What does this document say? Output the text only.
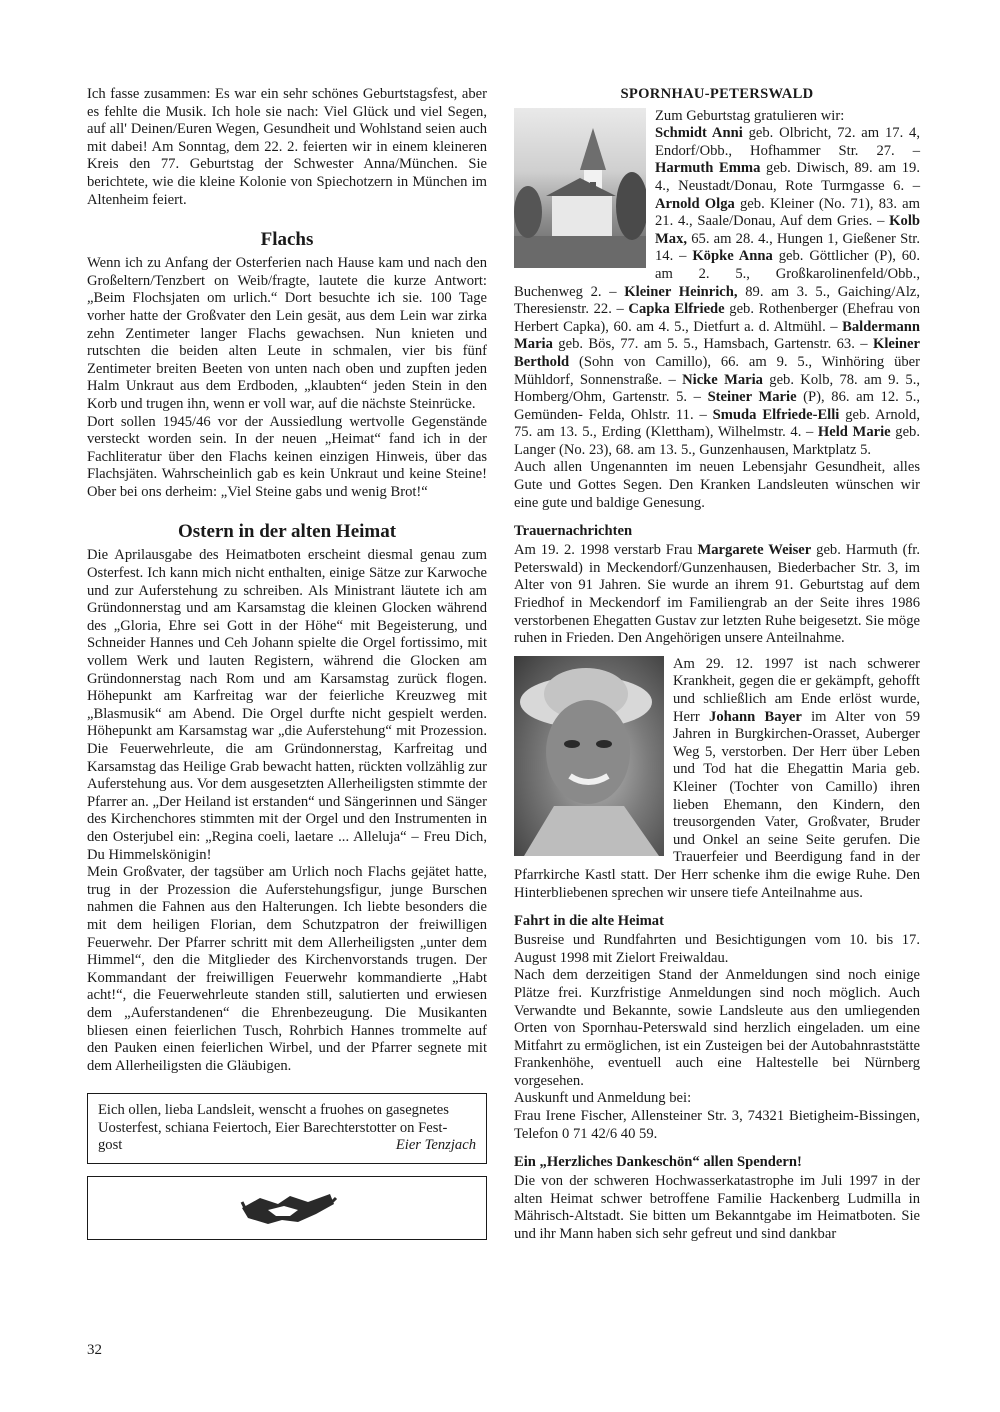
Ich fasse zusammen: Es war ein sehr schönes Geburtstagsfest, aber es fehlte die Musik. Ich hole sie nach: Viel Glück und viel Segen, auf all' Deinen/Euren Wegen, Gesundheit und Wohlstand seien auch mit dabei! Am Sonntag, dem 22. 2. feierten wir in einem kleineren Kreis den 77. Geburtstag der Schwester Anna/München. Sie berichtete, wie die kleine Kolonie von Spiechotzern in München im Altenheim feiert.

Flachs

Wenn ich zu Anfang der Osterferien nach Hause kam und nach den Großeltern/Tenzbert on Weib/fragte, lautete die kurze Antwort: „Beim Flochsjaten om urlich.“ Dort besuchte ich sie. 100 Tage vorher hatte der Großvater den Lein gesät, aus dem Lein war zirka zehn Zentimeter langer Flachs gewachsen. Nun knieten und rutschten die beiden alten Leute in schmalen, vier bis fünf Zentimeter breiten Beeten von unten nach oben und zupften jeden Halm Unkraut aus dem Erdboden, „klaubten“ jeden Stein in den Korb und trugen ihn, wenn er voll war, auf die nächste Steinrücke.

Dort sollen 1945/46 vor der Aussiedlung wertvolle Gegenstände versteckt worden sein. In der neuen „Heimat“ fand ich in der Fachliteratur über den Flachs keinen einzigen Hinweis, über das Flachsjäten. Wahrscheinlich gab es kein Unkraut und keine Steine! Ober bei ons derheim: „Viel Steine gabs und wenig Brot!“

Ostern in der alten Heimat

Die Aprilausgabe des Heimatboten erscheint diesmal genau zum Osterfest. Ich kann mich nicht enthalten, einige Sätze zur Karwoche und zur Auferstehung zu schreiben. Als Ministrant läutete ich am Gründonnerstag und am Karsamstag die kleinen Glocken während des „Gloria, Ehre sei Gott in der Höhe“ mit Begeisterung, und Schneider Hannes und Ceh Johann spielte die Orgel fortissimo, mit vollem Werk und lauten Registern, während die Glocken am Gründonnerstag nach Rom und am Karsamstag zurück flogen. Höhepunkt am Karfreitag war der feierliche Kreuzweg mit „Blasmusik“ am Abend. Die Orgel durfte nicht gespielt werden. Höhepunkt am Karsamstag war „die Auferstehung“ mit Prozession. Die Feuerwehrleute, die am Gründonnerstag, Karfreitag und Karsamstag das Heilige Grab bewacht hatten, rückten vollzählig zur Auferstehung aus. Vor dem ausgesetzten Allerheiligsten stimmte der Pfarrer an. „Der Heiland ist erstanden“ und Sängerinnen und Sänger des Kirchenchores stimmten mit der Orgel und den Instrumenten in den Osterjubel ein: „Regina coeli, laetare ... Alleluja“ – Freu Dich, Du Himmelskönigin!

Mein Großvater, der tagsüber am Urlich noch Flachs gejätet hatte, trug in der Prozession die Auferstehungsfigur, junge Burschen nahmen die Fahnen aus den Halterungen. Ich liebte besonders die mit dem heiligen Florian, dem Schutzpatron der freiwilligen Feuerwehr. Der Pfarrer schritt mit dem Allerheiligsten „unter dem Himmel“, den die Mitglieder des Kirchenvorstands trugen. Der Kommandant der freiwilligen Feuerwehr kommandierte „Habt acht!“, die Feuerwehrleute standen still, salutierten und erwiesen dem „Auferstandenen“ die Ehrenbezeugung. Die Musikanten bliesen einen feierlichen Tusch, Rohrbich Hannes trommelte auf den Pauken einen feierlichen Wirbel, und der Pfarrer segnete mit dem Allerheiligsten die Gläubigen.

Eich ollen, lieba Landsleit, wenscht a fruohes on gasegnetes
Uosterfest, schiana Feiertoch, Eier Barechterstotter on Fest-
gost	Eier Tenzjach
SPORNHAU-PETERSWALD

Zum Geburtstag gratulieren wir:

Schmidt Anni geb. Olbricht, 72. am 17. 4, Endorf/Obb., Hofhammer Str. 27. – Harmuth Emma geb. Diwisch, 89. am 19. 4., Neustadt/Donau, Rote Turmgasse 6. – Arnold Olga geb. Kleiner (No. 71), 83. am 21. 4., Saale/Donau, Auf dem Gries. – Kolb Max, 65. am 28. 4., Hungen 1, Gießener Str. 14. – Köpke Anna geb. Göttlicher (P), 60. am 2. 5., Großkarolinenfeld/Obb., Buchenweg 2. – Kleiner Heinrich, 89. am 3. 5., Gaiching/Alz, Theresienstr. 22. – Capka Elfriede geb. Rothenberger (Ehefrau von Herbert Capka), 60. am 4. 5., Dietfurt a. d. Altmühl. – Baldermann Maria geb. Bös, 77. am 5. 5., Hamsbach, Gartenstr. 63. – Kleiner Berthold (Sohn von Camillo), 66. am 9. 5., Winhöring über Mühldorf, Sonnenstraße. – Nicke Maria geb. Kolb, 78. am 9. 5., Homberg/Ohm, Gartenstr. 5. – Steiner Marie (P), 86. am 12. 5., Gemünden- Felda, Ohlstr. 11. – Smuda Elfriede-Elli geb. Arnold, 75. am 13. 5., Erding (Klettham), Wilhelmstr. 4. – Held Marie geb. Langer (No. 23), 68. am 13. 5., Gunzenhausen, Marktplatz 5.

Auch allen Ungenannten im neuen Lebensjahr Gesundheit, alles Gute und Gottes Segen. Den Kranken Landsleuten wünschen wir eine gute und baldige Genesung.

Trauernachrichten

Am 19. 2. 1998 verstarb Frau Margarete Weiser geb. Harmuth (fr. Peterswald) in Meckendorf/Gunzenhausen, Biederbacher Str. 3, im Alter von 91 Jahren. Sie wurde an ihrem 91. Geburtstag auf dem Friedhof in Meckendorf im Familiengrab an der Seite ihres 1986 verstorbenen Ehegatten Gustav zur letzten Ruhe beigesetzt. Sie möge ruhen in Frieden. Den Angehörigen unsere Anteilnahme.

Am 29. 12. 1997 ist nach schwerer Krankheit, gegen die er gekämpft, gehofft und schließlich am Ende erlöst wurde, Herr Johann Bayer im Alter von 59 Jahren in Burgkirchen-Orasset, Auberger Weg 5, verstorben. Der Herr über Leben und Tod hat die Ehegattin Maria geb. Kleiner (Tochter von Camillo) ihren lieben Ehemann, den Kindern, den treusorgenden Vater, Großvater, Bruder und Onkel an seine Seite gerufen. Die Trauerfeier und Beerdigung fand in der Pfarrkirche Kastl statt. Der Herr schenke ihm die ewige Ruhe. Den Hinterbliebenen sprechen wir unsere tiefe Anteilnahme aus.

Fahrt in die alte Heimat

Busreise und Rundfahrten und Besichtigungen vom 10. bis 17. August 1998 mit Zielort Freiwaldau.

Nach dem derzeitigen Stand der Anmeldungen sind noch einige Plätze frei. Kurzfristige Anmeldungen sind noch möglich. Auch Verwandte und Bekannte, sowie Landsleute aus den umliegenden Orten von Spornhau-Peterswald sind herzlich eingeladen. um eine Mitfahrt zu ermöglichen, ist ein Zusteigen bei der Autobahnraststätte Frankenhöhe, eventuell auch eine Haltestelle bei Nürnberg vorgesehen.

Auskunft und Anmeldung bei:

Frau Irene Fischer, Allensteiner Str. 3, 74321 Bietigheim-Bissingen, Telefon 0 71 42/6 40 59.

Ein „Herzliches Dankeschön“ allen Spendern!

Die von der schweren Hochwasserkatastrophe im Juli 1997 in der alten Heimat schwer betroffene Familie Hackenberg Ludmilla in Mährisch-Altstadt. Sie bitten um Bekanntgabe im Heimatboten. Sie und ihr Mann haben sich sehr gefreut und sind dankbar

32
